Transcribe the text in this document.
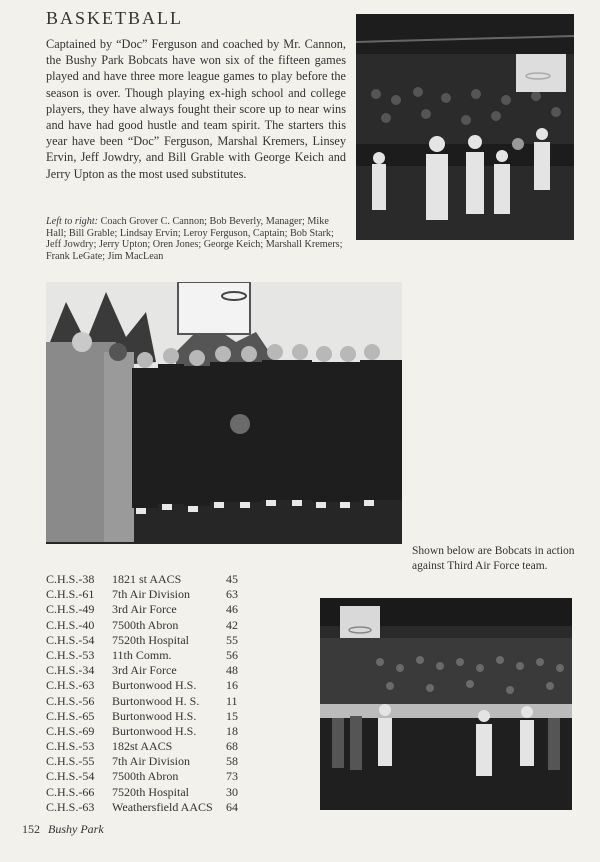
BASKETBALL

Captained by “Doc” Ferguson and coached by Mr. Cannon, the Bushy Park Bobcats have won six of the fifteen games played and have three more league games to play before the season is over. Though playing ex-high school and college players, they have always fought their score up to near wins and have had good hustle and team spirit. The starters this year have been “Doc” Ferguson, Marshal Kremers, Linsey Ervin, Jeff Jowdry, and Bill Grable with George Keich and Jerry Upton as the most used substitutes.

Left to right: Coach Grover C. Cannon; Bob Beverly, Manager; Mike Hall; Bill Grable; Lindsay Ervin; Leroy Ferguson, Captain; Bob Stark; Jeff Jowdry; Jerry Upton; Oren Jones; George Keich; Marshall Kremers; Frank LeGate; Jim MacLean

Shown below are Bobcats in action against Third Air Force team.

C.H.S.-38 1821 st AACS	45
C.H.S.-61 7th Air Division	63
C.H.S.-49 3rd Air Force	46
C.H.S.-40 7500th Abron	42
C.H.S.-54 7520th Hospital	55
C.H.S.-53 11th Comm.	56
C.H.S.-34 3rd Air Force	48
C.H.S.-63 Burtonwood H.S. 16
C.H.S.-56 Burtonwood H. S. 11
C.H.S.-65 Burtonwood H.S. 15
C.H.S.-69 Burtonwood H.S. 18
C.H.S.-53 182st AACS	68
C.H.S.-55 7th Air Division	58
C.H.S.-54 7500th Abron	73
C.H.S.-66 7520th Hospital	30
C.H.S.-63 Weathersfield AACS 64
152 Bushy Park
